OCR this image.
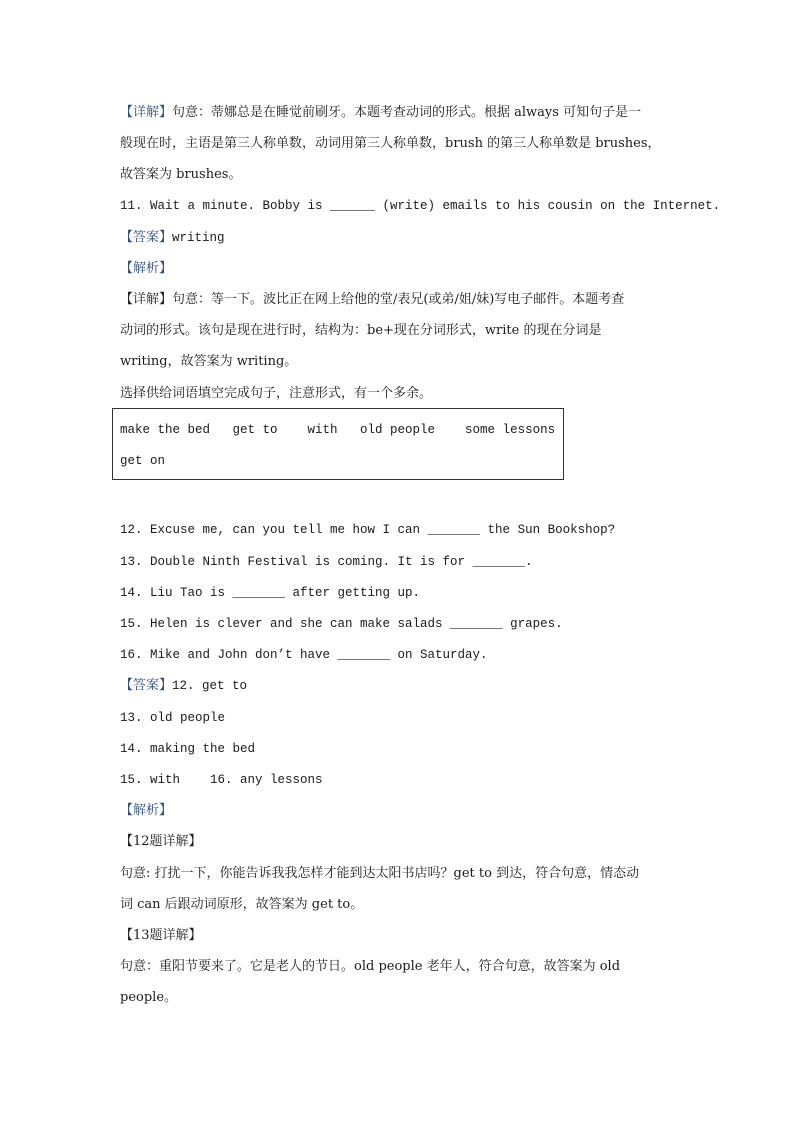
【详解】句意：蒂娜总是在睡觉前刷牙。本题考查动词的形式。根据 always 可知句子是一
般现在时，主语是第三人称单数，动词用第三人称单数，brush 的第三人称单数是 brushes，
故答案为 brushes。
11. Wait a minute. Bobby is ______ (write) emails to his cousin on the Internet.
【答案】writing
【解析】
【详解】句意：等一下。波比正在网上给他的堂/表兄(或弟/姐/妹)写电子邮件。本题考查
动词的形式。该句是现在进行时，结构为：be+现在分词形式，write 的现在分词是
writing，故答案为 writing。
选择供给词语填空完成句子，注意形式，有一个多余。
make the bed   get to    with   old people    some lessons
get on
12. Excuse me, can you tell me how I can _______ the Sun Bookshop?
13. Double Ninth Festival is coming. It is for _______.
14. Liu Tao is _______ after getting up.
15. Helen is clever and she can make salads _______ grapes.
16. Mike and John don’t have _______ on Saturday.
【答案】12. get to
13. old people
14. making the bed
15. with    16. any lessons
【解析】
【12题详解】
句意: 打扰一下，你能告诉我我怎样才能到达太阳书店吗？get to 到达，符合句意，情态动
词 can 后跟动词原形，故答案为 get to。
【13题详解】
句意：重阳节要来了。它是老人的节日。old people 老年人，符合句意，故答案为 old
people。
